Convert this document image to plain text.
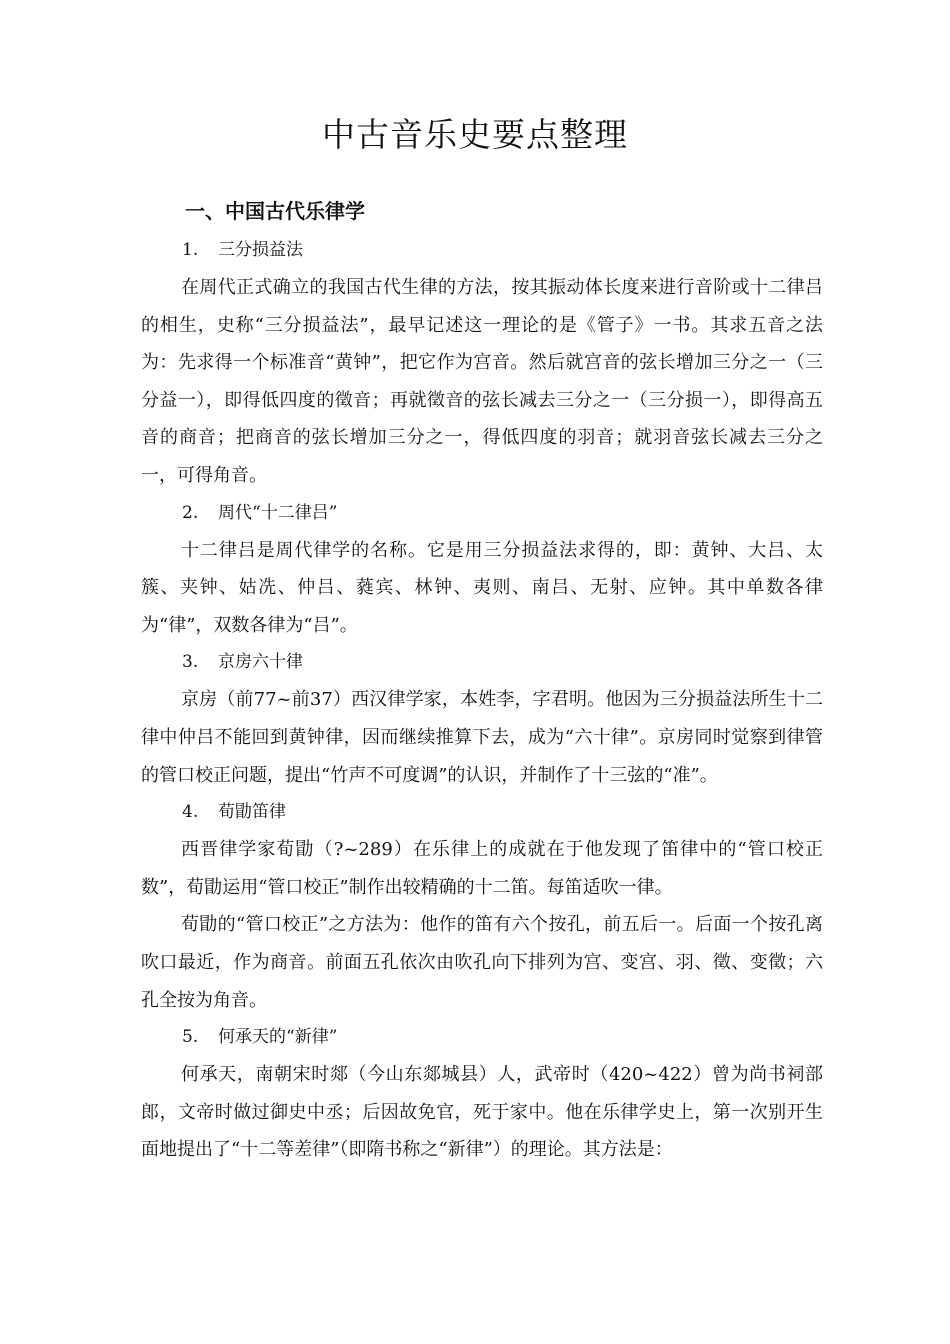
中古音乐史要点整理
一、中国古代乐律学

1. 三分损益法

在周代正式确立的我国古代生律的方法，按其振动体长度来进行音阶或十二律吕的相生，史称“三分损益法”，最早记述这一理论的是《管子》一书。其求五音之法为：先求得一个标准音“黄钟”，把它作为宫音。然后就宫音的弦长增加三分之一（三分益一），即得低四度的徵音；再就徵音的弦长减去三分之一（三分损一），即得高五音的商音；把商音的弦长增加三分之一，得低四度的羽音；就羽音弦长减去三分之一，可得角音。

2. 周代“十二律吕”

十二律吕是周代律学的名称。它是用三分损益法求得的，即：黄钟、大吕、太簇、夹钟、姑冼、仲吕、蕤宾、林钟、夷则、南吕、无射、应钟。其中单数各律为“律”，双数各律为“吕”。

3. 京房六十律

京房（前77~前37）西汉律学家，本姓李，字君明。他因为三分损益法所生十二律中仲吕不能回到黄钟律，因而继续推算下去，成为“六十律”。京房同时觉察到律管的管口校正问题，提出“竹声不可度调”的认识，并制作了十三弦的“准”。

4. 荀勖笛律

西晋律学家荀勖（?~289）在乐律上的成就在于他发现了笛律中的“管口校正数”，荀勖运用“管口校正”制作出较精确的十二笛。每笛适吹一律。

荀勖的“管口校正”之方法为：他作的笛有六个按孔，前五后一。后面一个按孔离吹口最近，作为商音。前面五孔依次由吹孔向下排列为宫、变宫、羽、徵、变徵；六孔全按为角音。

5. 何承天的“新律”

何承天，南朝宋时郯（今山东郯城县）人，武帝时（420~422）曾为尚书祠部郎，文帝时做过御史中丞；后因故免官，死于家中。他在乐律学史上，第一次别开生面地提出了“十二等差律”（即隋书称之“新律”）的理论。其方法是：
